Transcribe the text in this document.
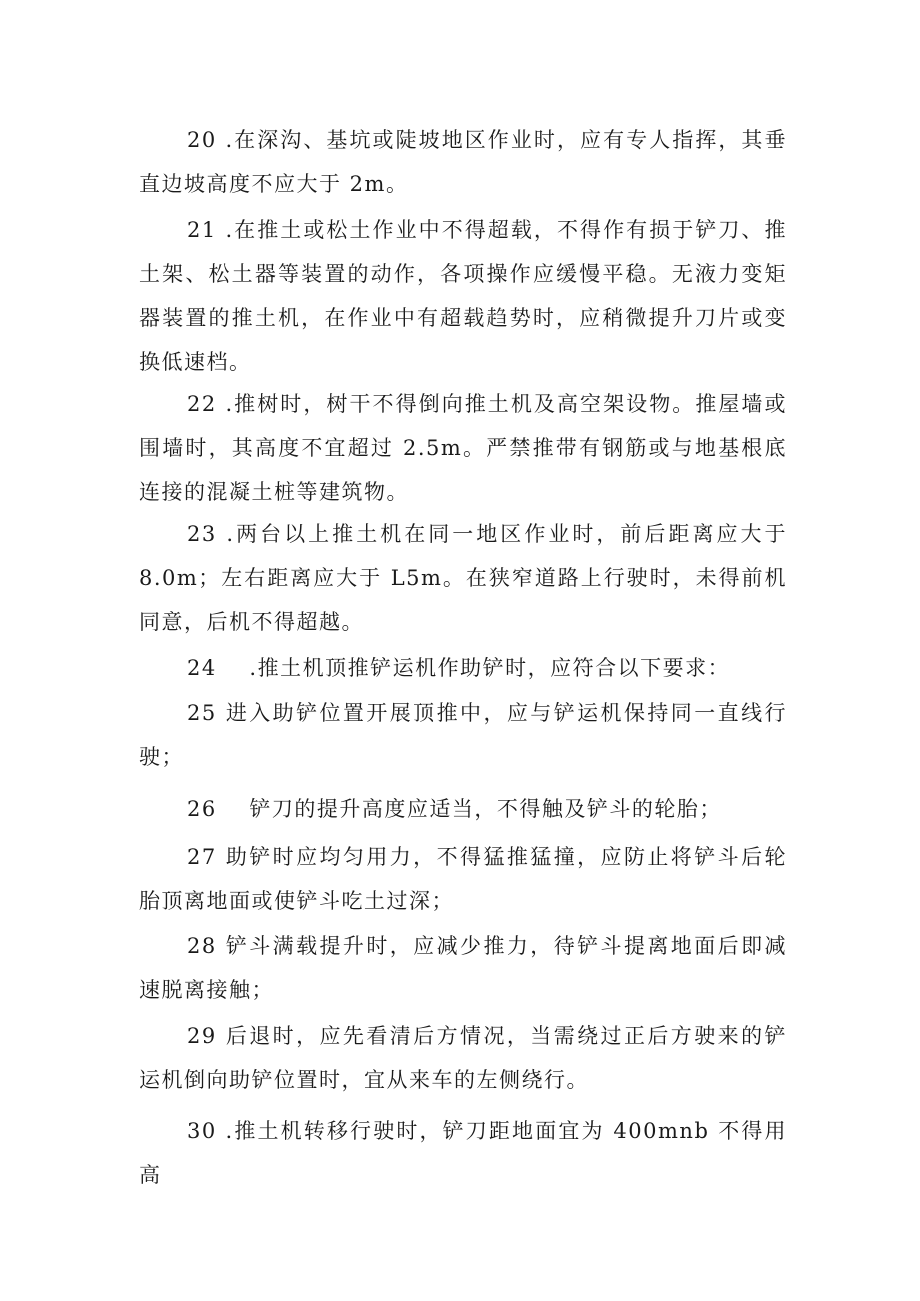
20 .在深沟、基坑或陡坡地区作业时，应有专人指挥，其垂直边坡高度不应大于 2m。

21 .在推土或松土作业中不得超载，不得作有损于铲刀、推土架、松土器等装置的动作，各项操作应缓慢平稳。无液力变矩器装置的推土机，在作业中有超载趋势时，应稍微提升刀片或变换低速档。

22 .推树时，树干不得倒向推土机及高空架设物。推屋墙或围墙时，其高度不宜超过 2.5m。严禁推带有钢筋或与地基根底连接的混凝土桩等建筑物。

23 .两台以上推土机在同一地区作业时，前后距离应大于8.0m；左右距离应大于 L5m。在狭窄道路上行驶时，未得前机同意，后机不得超越。

24    .推土机顶推铲运机作助铲时，应符合以下要求：

25 进入助铲位置开展顶推中，应与铲运机保持同一直线行驶；

26    铲刀的提升高度应适当，不得触及铲斗的轮胎；

27 助铲时应均匀用力，不得猛推猛撞，应防止将铲斗后轮胎顶离地面或使铲斗吃土过深；

28 铲斗满载提升时，应减少推力，待铲斗提离地面后即减速脱离接触；

29 后退时，应先看清后方情况，当需绕过正后方驶来的铲运机倒向助铲位置时，宜从来车的左侧绕行。

30 .推土机转移行驶时，铲刀距地面宜为 400mnb 不得用高
